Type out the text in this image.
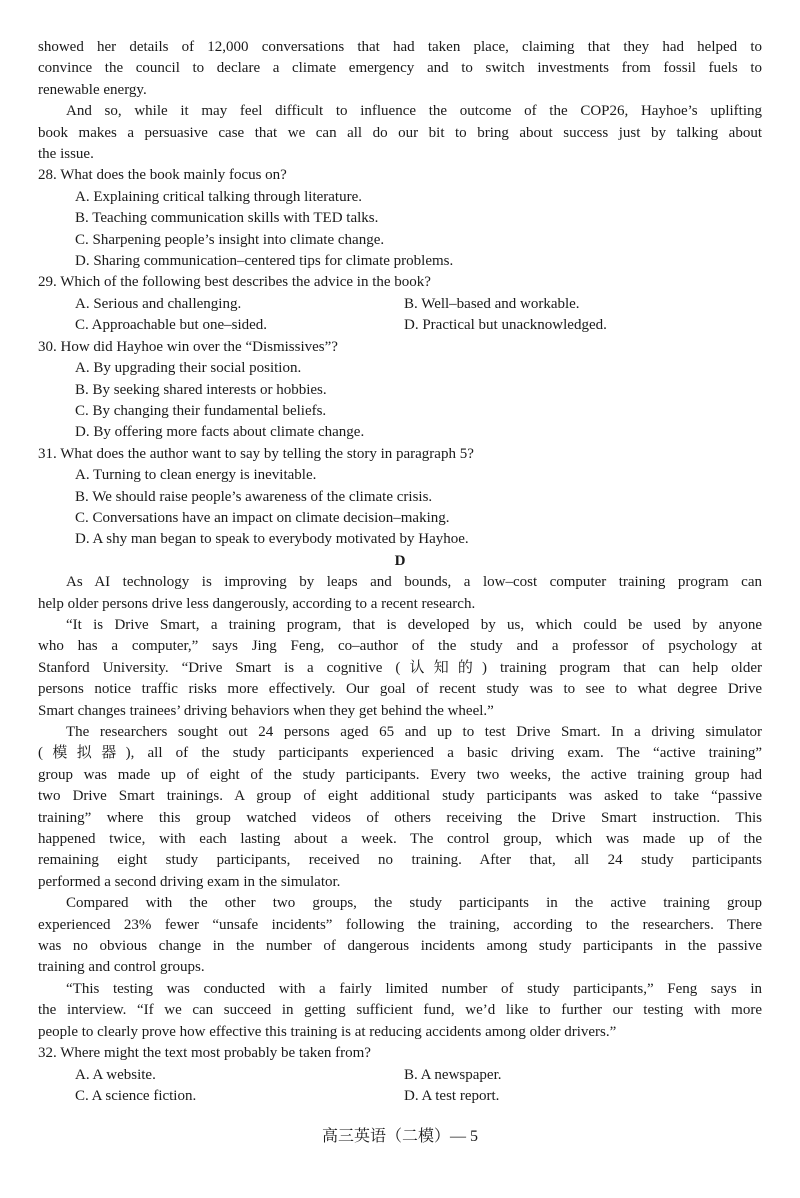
showed her details of 12,000 conversations that had taken place, claiming that they had helped to
convince the council to declare a climate emergency and to switch investments from fossil fuels to
renewable energy.
And so, while it may feel difficult to influence the outcome of the COP26, Hayhoe’s uplifting
book makes a persuasive case that we can all do our bit to bring about success just by talking about
the issue.
28. What does the book mainly focus on?
A. Explaining critical talking through literature.
B. Teaching communication skills with TED talks.
C. Sharpening people’s insight into climate change.
D. Sharing communication–centered tips for climate problems.
29. Which of the following best describes the advice in the book?
A. Serious and challenging.	B. Well–based and workable.
C. Approachable but one–sided.	D. Practical but unacknowledged.
30. How did Hayhoe win over the “Dismissives”?
A. By upgrading their social position.
B. By seeking shared interests or hobbies.
C. By changing their fundamental beliefs.
D. By offering more facts about climate change.
31. What does the author want to say by telling the story in paragraph 5?
A. Turning to clean energy is inevitable.
B. We should raise people’s awareness of the climate crisis.
C. Conversations have an impact on climate decision–making.
D. A shy man began to speak to everybody motivated by Hayhoe.
D
As AI technology is improving by leaps and bounds, a low–cost computer training program can
help older persons drive less dangerously, according to a recent research.
“It is Drive Smart, a training program, that is developed by us, which could be used by anyone
who has a computer,” says Jing Feng, co–author of the study and a professor of psychology at
Stanford University. “Drive Smart is a cognitive (认知的) training program that can help older
persons notice traffic risks more effectively. Our goal of recent study was to see to what degree Drive
Smart changes trainees’ driving behaviors when they get behind the wheel.”
The researchers sought out 24 persons aged 65 and up to test Drive Smart. In a driving simulator
(模拟器), all of the study participants experienced a basic driving exam. The “active training”
group was made up of eight of the study participants. Every two weeks, the active training group had
two Drive Smart trainings. A group of eight additional study participants was asked to take “passive
training” where this group watched videos of others receiving the Drive Smart instruction. This
happened twice, with each lasting about a week. The control group, which was made up of the
remaining eight study participants, received no training. After that, all 24 study participants
performed a second driving exam in the simulator.
Compared with the other two groups, the study participants in the active training group
experienced 23% fewer “unsafe incidents” following the training, according to the researchers. There
was no obvious change in the number of dangerous incidents among study participants in the passive
training and control groups.
“This testing was conducted with a fairly limited number of study participants,” Feng says in
the interview. “If we can succeed in getting sufficient fund, we’d like to further our testing with more
people to clearly prove how effective this training is at reducing accidents among older drivers.”
32. Where might the text most probably be taken from?
A. A website.	B. A newspaper.
C. A science fiction.	D. A test report.
高三英语（二模）— 5
